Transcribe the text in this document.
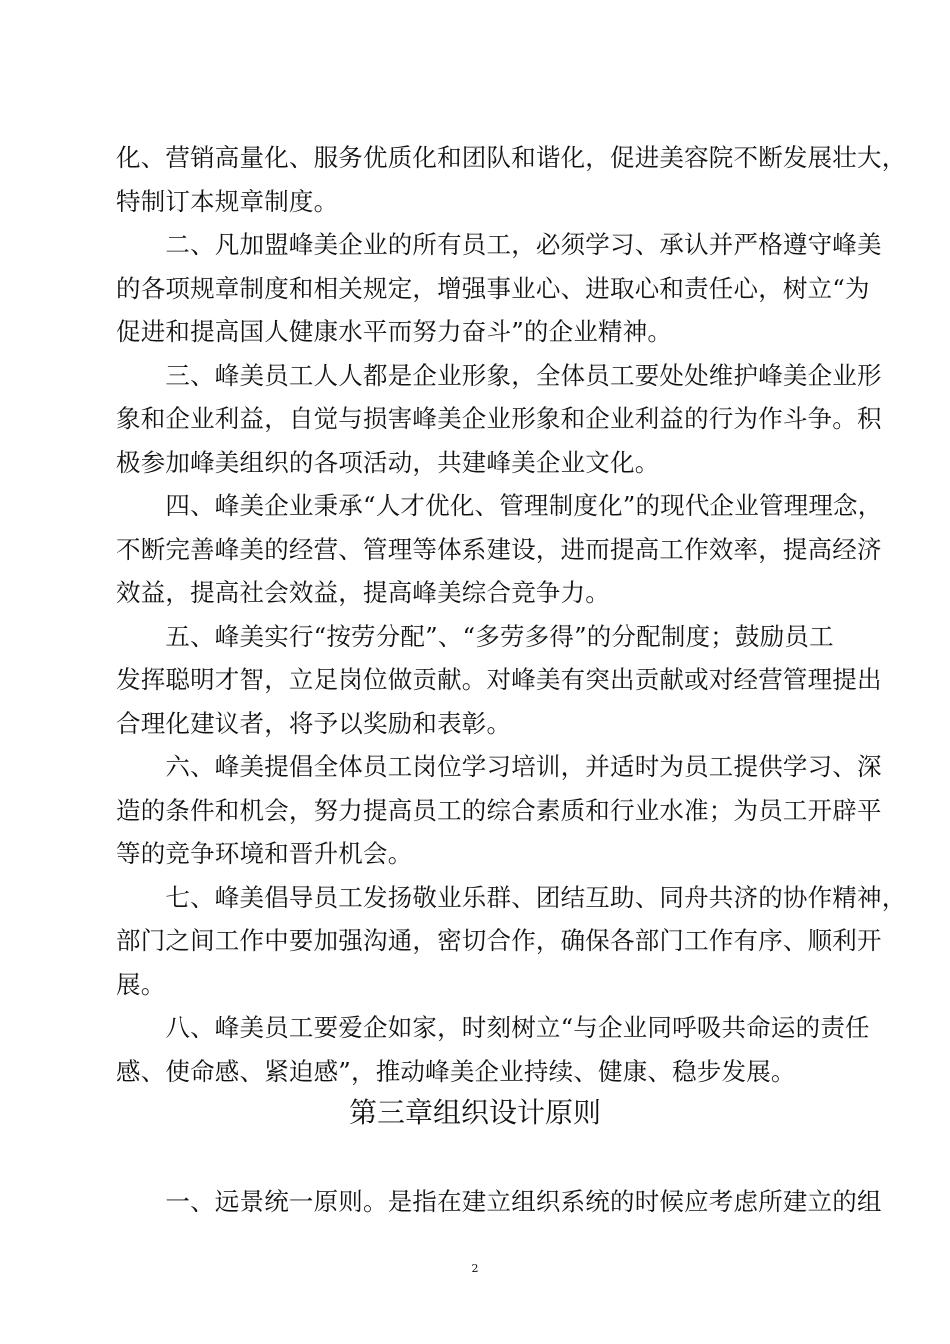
化、营销高量化、服务优质化和团队和谐化，促进美容院不断发展壮大，
特制订本规章制度。
　　二、凡加盟峰美企业的所有员工，必须学习、承认并严格遵守峰美
的各项规章制度和相关规定，增强事业心、进取心和责任心，树立“为
促进和提高国人健康水平而努力奋斗”的企业精神。
　　三、峰美员工人人都是企业形象，全体员工要处处维护峰美企业形
象和企业利益，自觉与损害峰美企业形象和企业利益的行为作斗争。积
极参加峰美组织的各项活动，共建峰美企业文化。
　　四、峰美企业秉承“人才优化、管理制度化”的现代企业管理理念，
不断完善峰美的经营、管理等体系建设，进而提高工作效率，提高经济
效益，提高社会效益，提高峰美综合竞争力。
　　五、峰美实行“按劳分配”、“多劳多得”的分配制度；鼓励员工
发挥聪明才智，立足岗位做贡献。对峰美有突出贡献或对经营管理提出
合理化建议者，将予以奖励和表彰。
　　六、峰美提倡全体员工岗位学习培训，并适时为员工提供学习、深
造的条件和机会，努力提高员工的综合素质和行业水准；为员工开辟平
等的竞争环境和晋升机会。
　　七、峰美倡导员工发扬敬业乐群、团结互助、同舟共济的协作精神，
部门之间工作中要加强沟通，密切合作，确保各部门工作有序、顺利开
展。
　　八、峰美员工要爱企如家，时刻树立“与企业同呼吸共命运的责任
感、使命感、紧迫感”，推动峰美企业持续、健康、稳步发展。
第三章组织设计原则
　　一、远景统一原则。是指在建立组织系统的时候应考虑所建立的组
2
